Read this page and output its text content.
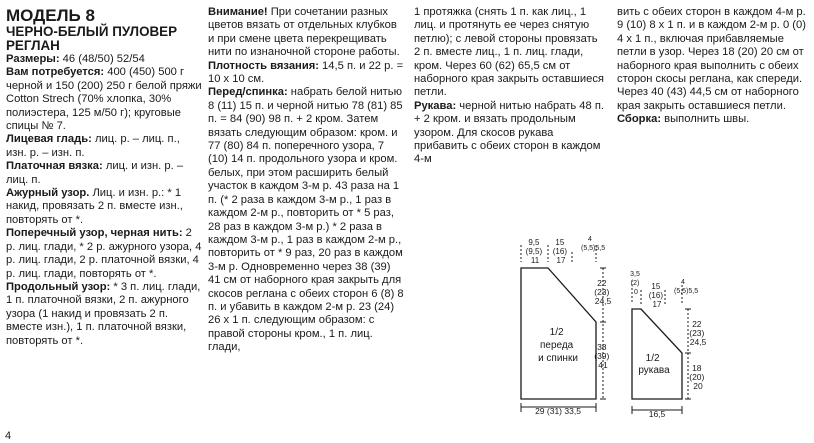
МОДЕЛЬ 8

ЧЕРНО-БЕЛЫЙ ПУЛОВЕР РЕГЛАН

Размеры: 46 (48/50) 52/54

Вам потребуется: 400 (450) 500 г черной и 150 (200) 250 г белой пряжи Cotton Strech (70% хлопка, 30% полиэстера, 125 м/50 г); круговые спицы № 7.

Лицевая гладь: лиц. р. – лиц. п., изн. р. – изн. п.

Платочная вязка: лиц. и изн. р. – лиц. п.

Ажурный узор. Лиц. и изн. р.: * 1 накид, провязать 2 п. вместе изн., повторять от *.

Поперечный узор, черная нить: 2 р. лиц. глади, * 2 р. ажурного узора, 4 р. лиц. глади, 2 р. платочной вязки, 4 р. лиц. глади, повторять от *.

Продольный узор: * 3 п. лиц. глади, 1 п. платочной вязки, 2 п. ажурного узора (1 накид и провязать 2 п. вместе изн.), 1 п. платочной вязки, повторять от *.

Внимание! При сочетании разных цветов вязать от отдельных клубков и при смене цвета перекрещивать нити по изнаночной стороне работы.

Плотность вязания: 14,5 п. и 22 р. = 10 х 10 см.

Перед/спинка: набрать белой нитью 8 (11) 15 п. и черной нитью 78 (81) 85 п. = 84 (90) 98 п. + 2 кром. Затем вязать следующим образом: кром. и 77 (80) 84 п. поперечного узора, 7 (10) 14 п. продольного узора и кром. белых, при этом расширить белый участок в каждом 3-м р. 43 раза на 1 п. (* 2 раза в каждом 3-м р., 1 раз в каждом 2-м р., повторить от * 5 раз, 28 раз в каждом 3-м р.) * 2 раза в каждом 3-м р., 1 раз в каждом 2-м р., повторить от * 9 раз, 20 раз в каждом 3-м р. Одновременно через 38 (39) 41 см от наборного края закрыть для скосов реглана с обеих сторон 6 (8) 8 п. и убавить в каждом 2-м р. 23 (24) 26 х 1 п. следующим образом: с правой стороны кром., 1 п. лиц. глади,

1 протяжка (снять 1 п. как лиц., 1 лиц. и протянуть ее через снятую петлю); с левой стороны провязать 2 п. вместе лиц., 1 п. лиц. глади, кром. Через 60 (62) 65,5 см от наборного края закрыть оставшиеся петли.

Рукава: черной нитью набрать 48 п. + 2 кром. и вязать продольным узором. Для скосов рукава прибавить с обеих сторон в каждом 4-м

вить с обеих сторон в каждом 4-м р. 9 (10) 8 х 1 п. и в каждом 2-м р. 0 (0) 4 х 1 п., включая прибавляемые петли в узор. Через 18 (20) 20 см от наборного края выполнить с обеих сторон скосы реглана, как спереди. Через 40 (43) 44,5 см от наборного края закрыть оставшиеся петли.

Сборка: выполнить швы.

4
1/2 переда и спинки
9,5 (9,5) 11
15 (16) 17
4 (5,5)5,5
22 (23) 24,5
38 (39) 41
29 (31) 33,5
1/2 рукава
3,5 (2) 0
15 (16) 17
4 (5,5)5,5
22 (23) 24,5
18 (20) 20
16,5
